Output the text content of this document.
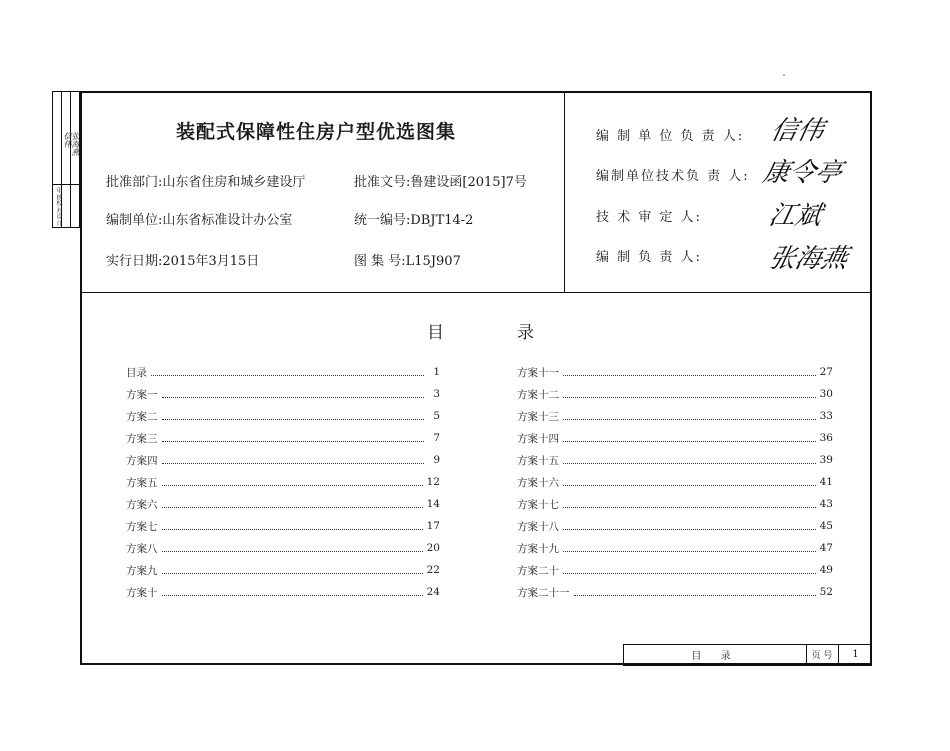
审核
校对
设计
信伟 张海燕	装配式保障性住房户型优选图集
批准部门:山东省住房和城乡建设厅	批准文号:鲁建设函[2015]7号
编制单位:山东省标准设计办公室	统一编号:DBJT14-2
实行日期:2015年3月15日	图 集 号:L15J907
编 制 单 位 负 责 人: 信伟
编制单位技术负 责 人: 康令亭
技 术 审 定 人: 江斌
编 制 负 责 人: 张海燕
目	录
目录	1
方案一	3
方案二	5
方案三	7
方案四	9
方案五	12
方案六	14
方案七	17
方案八	20
方案九	22
方案十	24
方案十一	27
方案十二	30
方案十三	33
方案十四	36
方案十五	39
方案十六	41
方案十七	43
方案十八	45
方案十九	47
方案二十	49
方案二十一	52
目 录	页 号	1
